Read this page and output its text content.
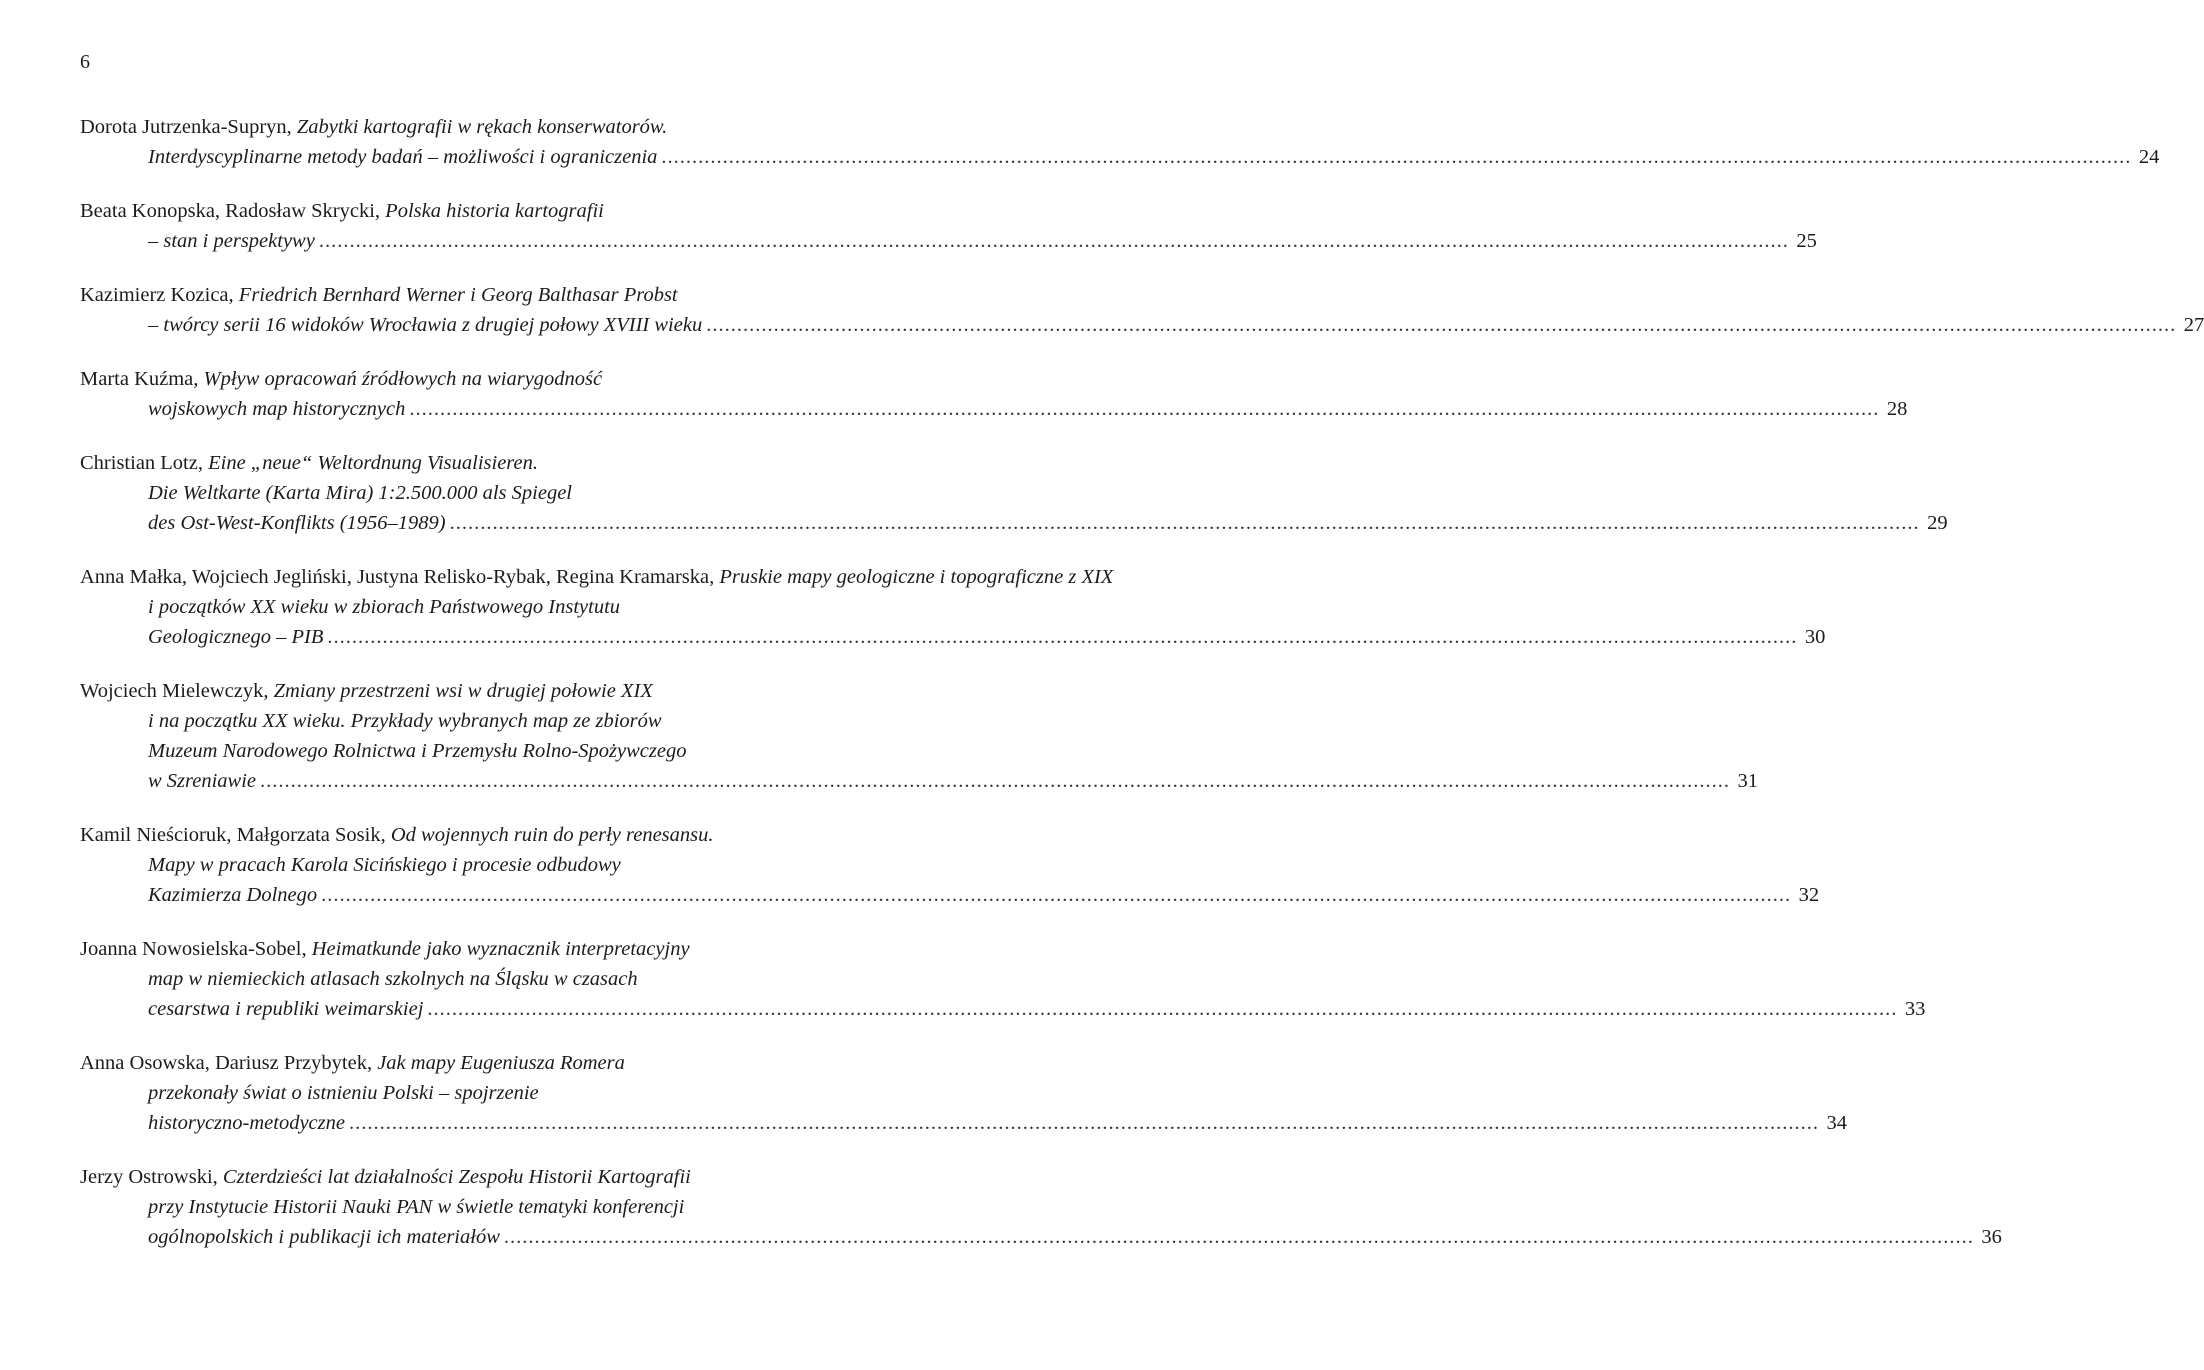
6
Dorota Jutrzenka-Supryn,
Zabytki kartografii w rękach konserwatorów.
Interdyscyplinarne metody badań – możliwości i ograniczenia .....	24
Beata Konopska, Radosław Skrycki,
Polska historia kartografii
– stan i perspektywy .....	25
Kazimierz Kozica,
Friedrich Bernhard Werner i Georg Balthasar Probst
– twórcy serii 16 widoków Wrocławia z drugiej połowy XVIII wieku .....	27
Marta Kuźma,
Wpływ opracowań źródłowych na wiarygodność
wojskowych map historycznych .....	28
Christian Lotz,
Eine „neue“ Weltordnung Visualisieren.
Die Weltkarte (Karta Mira) 1:2.500.000 als Spiegel
des Ost-West-Konflikts (1956–1989) .....	29
Anna Małka, Wojciech Jegliński, Justyna Relisko-Rybak, Regina Kramarska,
Pruskie mapy geologiczne i topograficzne z XIX
i początków XX wieku w zbiorach Państwowego Instytutu
Geologicznego – PIB .....	30
Wojciech Mielewczyk,
Zmiany przestrzeni wsi w drugiej połowie XIX
i na początku XX wieku. Przykłady wybranych map ze zbiorów
Muzeum Narodowego Rolnictwa i Przemysłu Rolno-Spożywczego
w Szreniawie .....	31
Kamil Nieścioruk, Małgorzata Sosik,
Od wojennych ruin do perły renesansu.
Mapy w pracach Karola Sicińskiego i procesie odbudowy
Kazimierza Dolnego .....	32
Joanna Nowosielska-Sobel,
Heimatkunde jako wyznacznik interpretacyjny
map w niemieckich atlasach szkolnych na Śląsku w czasach
cesarstwa i republiki weimarskiej .....	33
Anna Osowska, Dariusz Przybytek,
Jak mapy Eugeniusza Romera
przekonały świat o istnieniu Polski – spojrzenie
historyczno-metodyczne .....	34
Jerzy Ostrowski,
Czterdzieści lat działalności Zespołu Historii Kartografii
przy Instytucie Historii Nauki PAN w świetle tematyki konferencji
ogólnopolskich i publikacji ich materiałów .....	36
